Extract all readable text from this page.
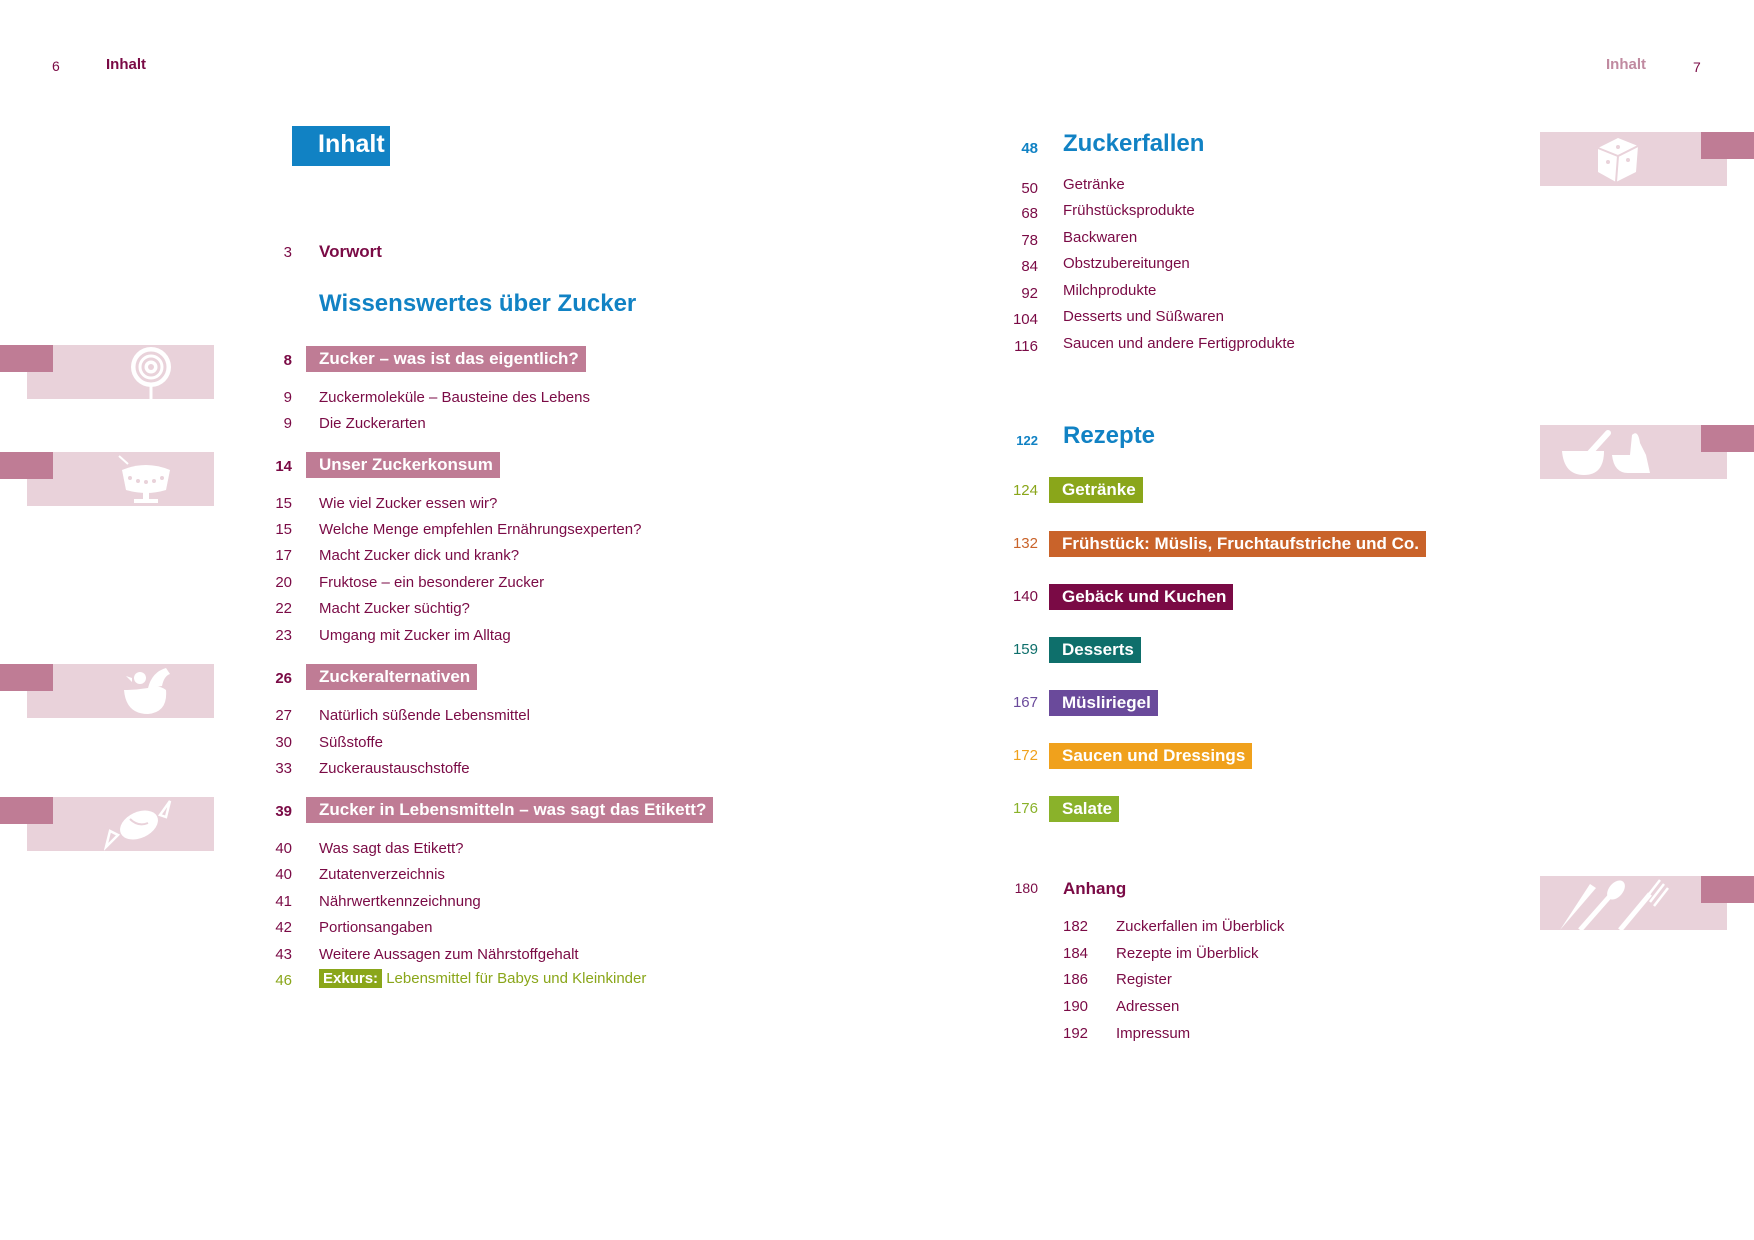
6	Inhalt
Inhalt
3 Vorwort
Wissenswertes über Zucker
8	Zucker – was ist das eigentlich?
9 Zuckermoleküle – Bausteine des Lebens
9 Die Zuckerarten
14	Unser Zuckerkonsum
15 Wie viel Zucker essen wir?
15 Welche Menge empfehlen Ernährungsexperten?
17 Macht Zucker dick und krank?
20 Fruktose – ein besonderer Zucker
22 Macht Zucker süchtig?
23 Umgang mit Zucker im Alltag
26	Zuckeralternativen
27 Natürlich süßende Lebensmittel
30 Süßstoffe
33 Zuckeraustauschstoffe
39	Zucker in Lebensmitteln – was sagt das Etikett?
40 Was sagt das Etikett?
40 Zutatenverzeichnis
41 Nährwertkennzeichnung
42 Portionsangaben
43 Weitere Aussagen zum Nährstoffgehalt
46 Exkurs: Lebensmittel für Babys und Kleinkinder
Inhalt	7
48 Zuckerfallen
50 Getränke
68 Frühstücksprodukte
78 Backwaren
84 Obstzubereitungen
92 Milchprodukte
104 Desserts und Süßwaren
116 Saucen und andere Fertigprodukte
122 Rezepte
124	Getränke
132	Frühstück: Müslis, Fruchtaufstriche und Co.
140	Gebäck und Kuchen
159	Desserts
167	Müsliriegel
172	Saucen und Dressings
176	Salate
180 Anhang
182 Zuckerfallen im Überblick
184 Rezepte im Überblick
186 Register
190 Adressen
192 Impressum
